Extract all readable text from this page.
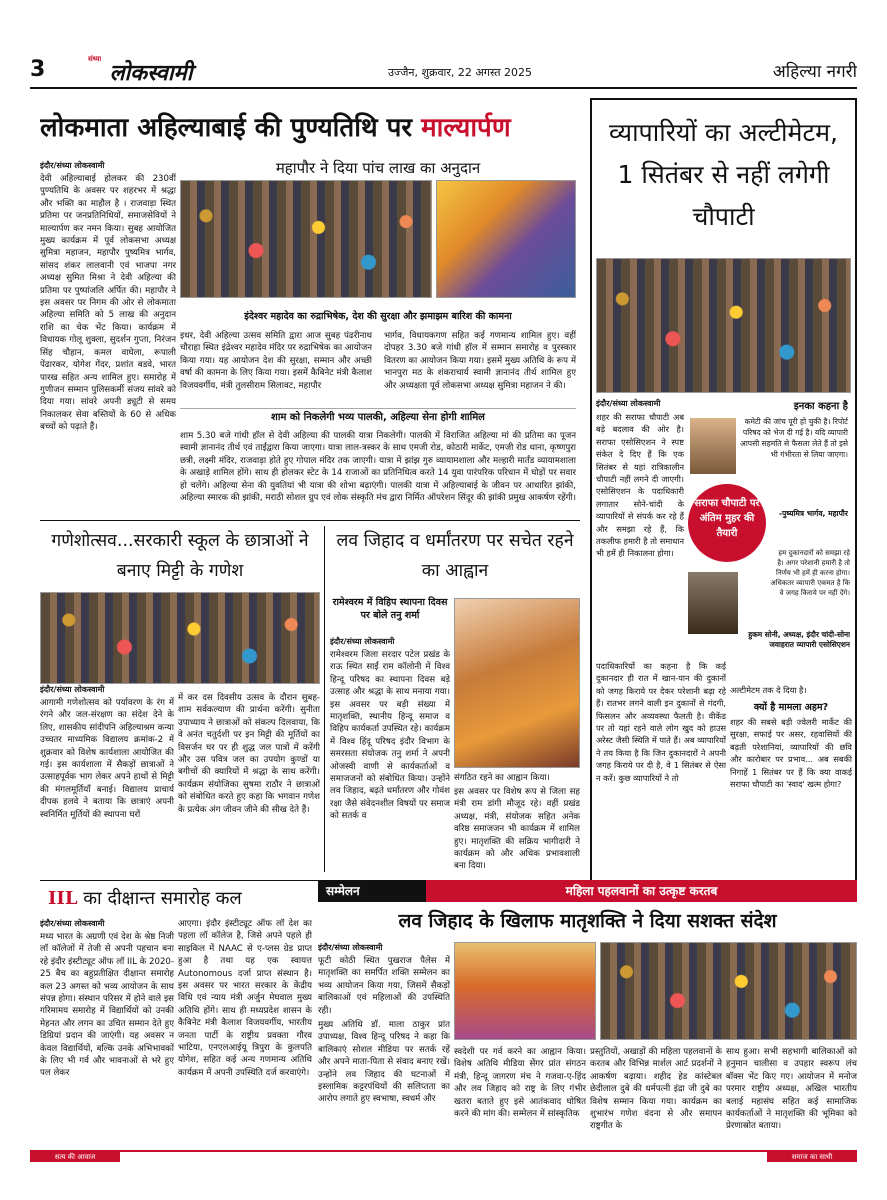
3	संध्या
लोकस्वामी	उज्जैन, शुक्रवार, 22 अगस्त 2025	अहिल्या नगरी
लोकमाता अहिल्याबाई की पुण्यतिथि पर माल्यार्पण
इंदौर/संध्या लोकस्वामी
देवी अहिल्याबाई होलकर की 230वीं पुण्यतिथि के अवसर पर शहरभर में श्रद्धा और भक्ति का माहौल है । राजवाड़ा स्थित प्रतिमा पर जनप्रतिनिधियों, समाजसेवियों ने माल्यार्पण कर नमन किया। सुबह आयोजित मुख्य कार्यक्रम में पूर्व लोकसभा अध्यक्ष सुमित्रा महाजन, महापौर पुष्यमित्र भार्गव, सांसद शंकर लालवानी एवं भाजपा नगर अध्यक्ष सुमित मिश्रा ने देवी अहिल्या की प्रतिमा पर पुष्पांजलि अर्पित की। महापौर ने इस अवसर पर निगम की ओर से लोकमाता अहिल्या समिति को 5 लाख की अनुदान राशि का चेक भेंट किया। कार्यक्रम में विधायक गोलू शुक्ला, सुदर्शन गुप्ता, निरंजन सिंह चौहान, कमल वाघेला, रूपाली पेंढारकर, योगेश गेंदर, प्रशांत बडवे, भारत पारख सहित अन्य शामिल हुए। समारोह में गुणीजन सम्मान पुलिसकर्मी संजय सांवरे को दिया गया। सांवरे अपनी ड्यूटी से समय निकालकर सेवा बस्तियों के 60 से अधिक बच्चों को पढ़ाते हैं।
महापौर ने दिया पांच लाख का अनुदान
इंदेश्वर महादेव का रुद्राभिषेक, देश की सुरक्षा और झमाझम बारिश की कामना
इधर, देवी अहिल्या उत्सव समिति द्वारा आज सुबह पंढरीनाथ चौराहा स्थित इंद्रेश्वर महादेव मंदिर पर रुद्राभिषेक का आयोजन किया गया। यह आयोजन देश की सुरक्षा, सम्मान और अच्छी वर्षा की कामना के लिए किया गया। इसमें कैबिनेट मंत्री कैलाश विजयवर्गीय, मंत्री तुलसीराम सिलावट, महापौर
भार्गव, विधायकगण सहित कई गणमान्य शामिल हुए। वहीं दोपहर 3.30 बजे गांधी हॉल में सम्मान समारोह व पुरस्कार वितरण का आयोजन किया गया। इसमें मुख्य अतिथि के रूप में भानपुरा मठ के शंकराचार्य स्वामी ज्ञानानंद तीर्थ शामिल हुए और अध्यक्षता पूर्व लोकसभा अध्यक्ष सुमित्रा महाजन ने की।
शाम को निकलेगी भव्य पालकी, अहिल्या सेना होगी शामिल
शाम 5.30 बजे गांधी हॉल से देवी अहिल्या की पालकी यात्रा निकलेगी। पालकी में विराजित अहिल्या मां की प्रतिमा का पूजन स्वामी ज्ञानानंद तीर्थ एवं ताईंद्वारा किया जाएगा। यात्रा लाल-त्रस्कर के साथ एमजी रोड, कोठारी मार्केट, एमजी रोड थाना, कृष्णपुरा छत्री, लक्ष्मी मंदिर, राजवाड़ा होते हुए गोपाल मंदिर तक जाएगी। यात्रा में झांझ गुरु व्यायामशाला और मल्हारी मार्तंड व्यायामशाला के अखाड़े शामिल होंगे। साथ ही होलकर स्टेट के 14 राजाओं का प्रतिनिधित्व करते 14 युवा पारंपरिक परिधान में घोड़ों पर सवार हो चलेंगे। अहिल्या सेना की युवतियां भी यात्रा की शोभा बढ़ाएंगी। पालकी यात्रा में अहिल्याबाई के जीवन पर आधारित झांकी, अहिल्या स्मारक की झांकी, मराठी सोशल ग्रुप एवं लोक संस्कृति मंच द्वारा निर्मित ऑपरेशन सिंदूर की झांकी प्रमुख आकर्षण रहेंगी।
व्यापारियों का अल्टीमेटम, 1 सितंबर से नहीं लगेगी चौपाटी
इंदौर/संध्या लोकस्वामी
शहर की सराफा चौपाटी अब बड़े बदलाव की ओर है। सराफा एसोसिएशन ने स्पष्ट संकेत दे दिए हैं कि एक सितंबर से यहां रात्रिकालीन चौपाटी नहीं लगने दी जाएगी। एसोसिएशन के पदाधिकारी लगातार सोने-चांदी के व्यापारियों से संपर्क कर रहे हैं और समझा रहे हैं, कि तकलीफ हमारी है तो समाधान भी हमें ही निकालना होगा।
इनका कहना है
कमेटी की जांच पूरी हो चुकी है। रिपोर्ट परिषद को भेज दी गई है। यदि व्यापारी आपसी सहमति से फैसला लेते हैं तो इसे भी गंभीरता से लिया जाएगा।
-पुष्यमित्र भार्गव, महापौर
सराफा चौपाटी पर अंतिम मुहर की तैयारी
हम दुकानदारों को समझा रहे है। अगर परेशानी हमारी है तो निर्णय भी हमें ही करना होगा। अधिकतर व्यापारी एकमत है कि वे जगह किराये पर नहीं देंगे।
हुकम सोनी, अध्यक्ष, इंदौर चांदी-सोना जवाहरात व्यापारी एसोसिएशन
पदाधिकारियों का कहना है कि कई दुकानदार ही रात में खान-पान की दुकानों को जगह किराये पर देकर परेशानी बढ़ा रहे हैं। रातभर लगने वाली इन दुकानों से गंदगी, फिसलन और अव्यवस्था फैलती है। वीकेंड पर तो यहां रहने वाले लोग खुद को हाउस अरेस्ट जैसी स्थिति में पाते हैं। अब व्यापारियों ने तय किया है कि जिन दुकानदारों ने अपनी जगह किराये पर दी है, वे 1 सितंबर से ऐसा न करें। कुछ व्यापारियों ने तो
अल्टीमेटम तक दे दिया है।
क्यों है मामला अहम?
शहर की सबसे बड़ी ज्वेलरी मार्केट की सुरक्षा, सफाई पर असर, रहवासियों की बढ़ती परेशानियां, व्यापारियों की छवि और कारोबार पर प्रभाव... अब सबकी निगाहें 1 सितंबर पर हैं कि क्या वाकई सराफा चौपाटी का 'स्वाद' खत्म होगा?
गणेशोत्सव...सरकारी स्कूल के छात्राओं ने बनाए मिट्टी के गणेश
इंदौर/संध्या लोकस्वामी
आगामी गणेशोत्सव को पर्यावरण के रंग में रंगने और जल-संरक्षण का संदेश देने के लिए, शासकीय सांदीपनि अहिल्याश्रम कन्या उच्चतर माध्यमिक विद्यालय क्रमांक-2 में शुक्रवार को विशेष कार्यशाला आयोजित की गई। इस कार्यशाला में सैकड़ों छात्राओं ने उत्साहपूर्वक भाग लेकर अपने हाथों से मिट्टी की मंगलमूर्तियाँ बनाई। विद्यालय प्राचार्य दीपक हलवे ने बताया कि छात्राएं अपनी स्वनिर्मित मूर्तियों की स्थापना घरों
में कर दस दिवसीय उत्सव के दौरान सुबह-शाम सर्वकल्याण की प्रार्थना करेंगी। सुनीता उपाध्याय ने छात्राओं को संकल्प दिलवाया, कि वे अनंत चतुर्दशी पर इन मिट्टी की मूर्तियों का विसर्जन घर पर ही शुद्ध जल पात्रों में करेंगी और उस पवित्र जल का उपयोग कुण्डों या बगीचों की क्यारियों में श्रद्धा के साथ करेंगी। कार्यक्रम संयोजिका सुषमा राठौर ने छात्राओं को संबोधित करते हुए कहा कि भगवान गणेश के प्रत्येक अंग जीवन जीने की सीख देते हैं।
लव जिहाद व धर्मांतरण पर सचेत रहने का आह्वान
रामेश्वरम में विहिप स्थापना दिवस पर बोले तनु शर्मा
इंदौर/संध्या लोकस्वामी
रामेश्वरम जिला सरदार पटेल प्रखंड के राऊ स्थित साईं राम कॉलोनी में विश्व हिन्दू परिषद का स्थापना दिवस बड़े उत्साह और श्रद्धा के साथ मनाया गया। इस अवसर पर बड़ी संख्या में मातृशक्ति, स्थानीय हिन्दू समाज व विहिप कार्यकर्ता उपस्थित रहे। कार्यक्रम में विश्व हिंदू परिषद इंदौर विभाग के समरसता संयोजक तनु शर्मा ने अपनी ओजस्वी वाणी से कार्यकर्ताओं व समाजजनों को संबोधित किया। उन्होंने लव जिहाद, बढ़ते धर्मांतरण और गोवंश रक्षा जैसे संवेदनशील विषयों पर समाज को सतर्क व
संगठित रहने का आह्वान किया।
इस अवसर पर विशेष रूप से जिला सह मंत्री राम डांगी मौजूद रहे। वहीं प्रखंड अध्यक्ष, मंत्री, संयोजक सहित अनेक वरिष्ठ समाजजन भी कार्यक्रम में शामिल हुए। मातृशक्ति की सक्रिय भागीदारी ने कार्यक्रम को और अधिक प्रभावशाली बना दिया।
IIL का दीक्षान्त समारोह कल
इंदौर/संध्या लोकस्वामी
मध्य भारत के अग्रणी एवं देश के श्रेष्ठ निजी लॉ कॉलेजों में तेजी से अपनी पहचान बना रहे इंदौर इंस्टीट्यूट ऑफ लॉ IIL के 2020-25 बैच का बहुप्रतीक्षित दीक्षान्त समारोह कल 23 अगस्त को भव्य आयोजन के साथ संपन्न होगा। संस्थान परिसर में होने वाले इस गरिमामय समारोह में विद्यार्थियों को उनकी मेहनत और लगन का उचित सम्मान देते हुए डिग्रियां प्रदान की जाएंगी। यह अवसर न केवल विद्यार्थियों, बल्कि उनके अभिभावकों के लिए भी गर्व और भावनाओं से भरे हुए पल लेकर
आएगा। इंदौर इंस्टीट्यूट ऑफ लॉ देश का पहला लॉ कॉलेज है, जिसे अपने पहले ही साइकिल में NAAC से ए-प्लस ग्रेड प्राप्त हुआ है तथा यह एक स्वायत्त Autonomous दर्जा प्राप्त संस्थान है। इस अवसर पर भारत सरकार के केंद्रीय विधि एवं न्याय मंत्री अर्जुन मेघवाल मुख्य अतिथि होंगे। साथ ही मध्यप्रदेश शासन के कैबिनेट मंत्री कैलाश विजयवर्गीय, भारतीय जनता पार्टी के राष्ट्रीय प्रवक्ता गौरव भाटिया, एनएलआईयू त्रिपुरा के कुलपति योगेश, सहित कई अन्य गणमान्य अतिथि कार्यक्रम में अपनी उपस्थिति दर्ज करवाएंगे।
सम्मेलन	महिला पहलवानों का उत्कृष्ट करतब
लव जिहाद के खिलाफ मातृशक्ति ने दिया सशक्त संदेश
इंदौर/संध्या लोकस्वामी
फूटी कोठी स्थित पुखराज पैलेस में मातृशक्ति का समर्पित शक्ति सम्मेलन का भव्य आयोजन किया गया, जिसमें सैकड़ों बालिकाओं एवं महिलाओं की उपस्थिति रही।
मुख्य अतिथि डॉ. माला ठाकुर प्रांत उपाध्यक्ष, विश्व हिन्दू परिषद ने कहा कि बालिकाएं सोशल मीडिया पर सतर्क रहें और अपने माता-पिता से संवाद बनाए रखें। उन्होंने लव जिहाद की घटनाओं में इस्लामिक कट्टरपंथियों की सलिप्तता का आरोप लगाते हुए स्वभाषा, स्वधर्म और
स्वदेशी पर गर्व करने का आह्वान किया। विशेष अतिथि मीडिया सेंगर प्रांत संगठन मंत्री, हिन्दू जागरण मंच ने गजवा-ए-हिंद और लव जिहाद को राष्ट्र के लिए गंभीर खतरा बताते हुए इसे आतंकवाद घोषित करने की मांग की। सम्मेलन में सांस्कृतिक
प्रस्तुतियों, अखाड़ों की महिला पहलवानों के करतब और विभिन्न मार्शल आर्ट प्रदर्शनों ने आकर्षण बढ़ाया। शहीद हेड कांस्टेबल छेदीलाल दुबे की धर्मपत्नी इंद्रा जी दुबे का विशेष सम्मान किया गया। कार्यक्रम का शुभारंभ गणेश वंदना से और समापन राष्ट्रगीत के
साथ हुआ। सभी सहभागी बालिकाओं को हनुमान चालीसा व उपहार स्वरूप लंच बॉक्स भेंट किए गए। आयोजन में मनोज परमार राष्ट्रीय अध्यक्ष, अखिल भारतीय बलाई महासंघ सहित कई सामाजिक कार्यकर्ताओं ने मातृशक्ति की भूमिका को प्रेरणास्रोत बताया।
सत्य की आवाज	समाज का साथी
